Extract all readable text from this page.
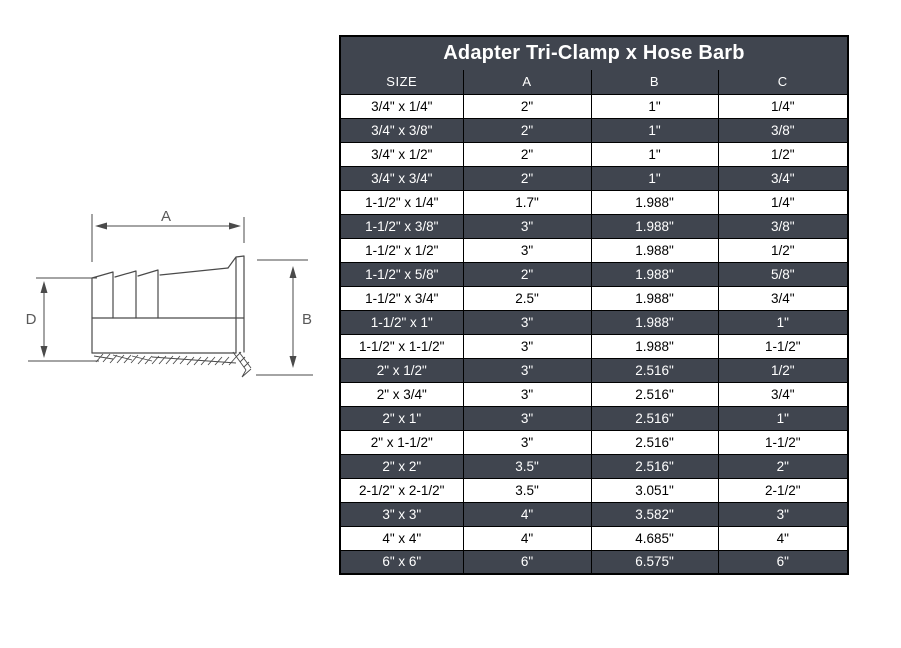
A
D	B
Adapter Tri-Clamp x Hose Barb			
SIZE	A	B	C
3/4" x 1/4"	2"	1"	1/4"
3/4" x 3/8"	2"	1"	3/8"
3/4" x 1/2"	2"	1"	1/2"
3/4" x 3/4"	2"	1"	3/4"
1-1/2" x 1/4"	1.7"	1.988"	1/4"
1-1/2" x 3/8"	3"	1.988"	3/8"
1-1/2" x 1/2"	3"	1.988"	1/2"
1-1/2" x 5/8"	2"	1.988"	5/8"
1-1/2" x 3/4"	2.5"	1.988"	3/4"
1-1/2" x 1"	3"	1.988"	1"
1-1/2" x 1-1/2"	3"	1.988"	1-1/2"
2" x 1/2"	3"	2.516"	1/2"
2" x 3/4"	3"	2.516"	3/4"
2" x 1"	3"	2.516"	1"
2" x 1-1/2"	3"	2.516"	1-1/2"
2" x 2"	3.5"	2.516"	2"
2-1/2" x 2-1/2"	3.5"	3.051"	2-1/2"
3" x 3"	4"	3.582"	3"
4" x 4"	4"	4.685"	4"
6" x 6"	6"	6.575"	6"
